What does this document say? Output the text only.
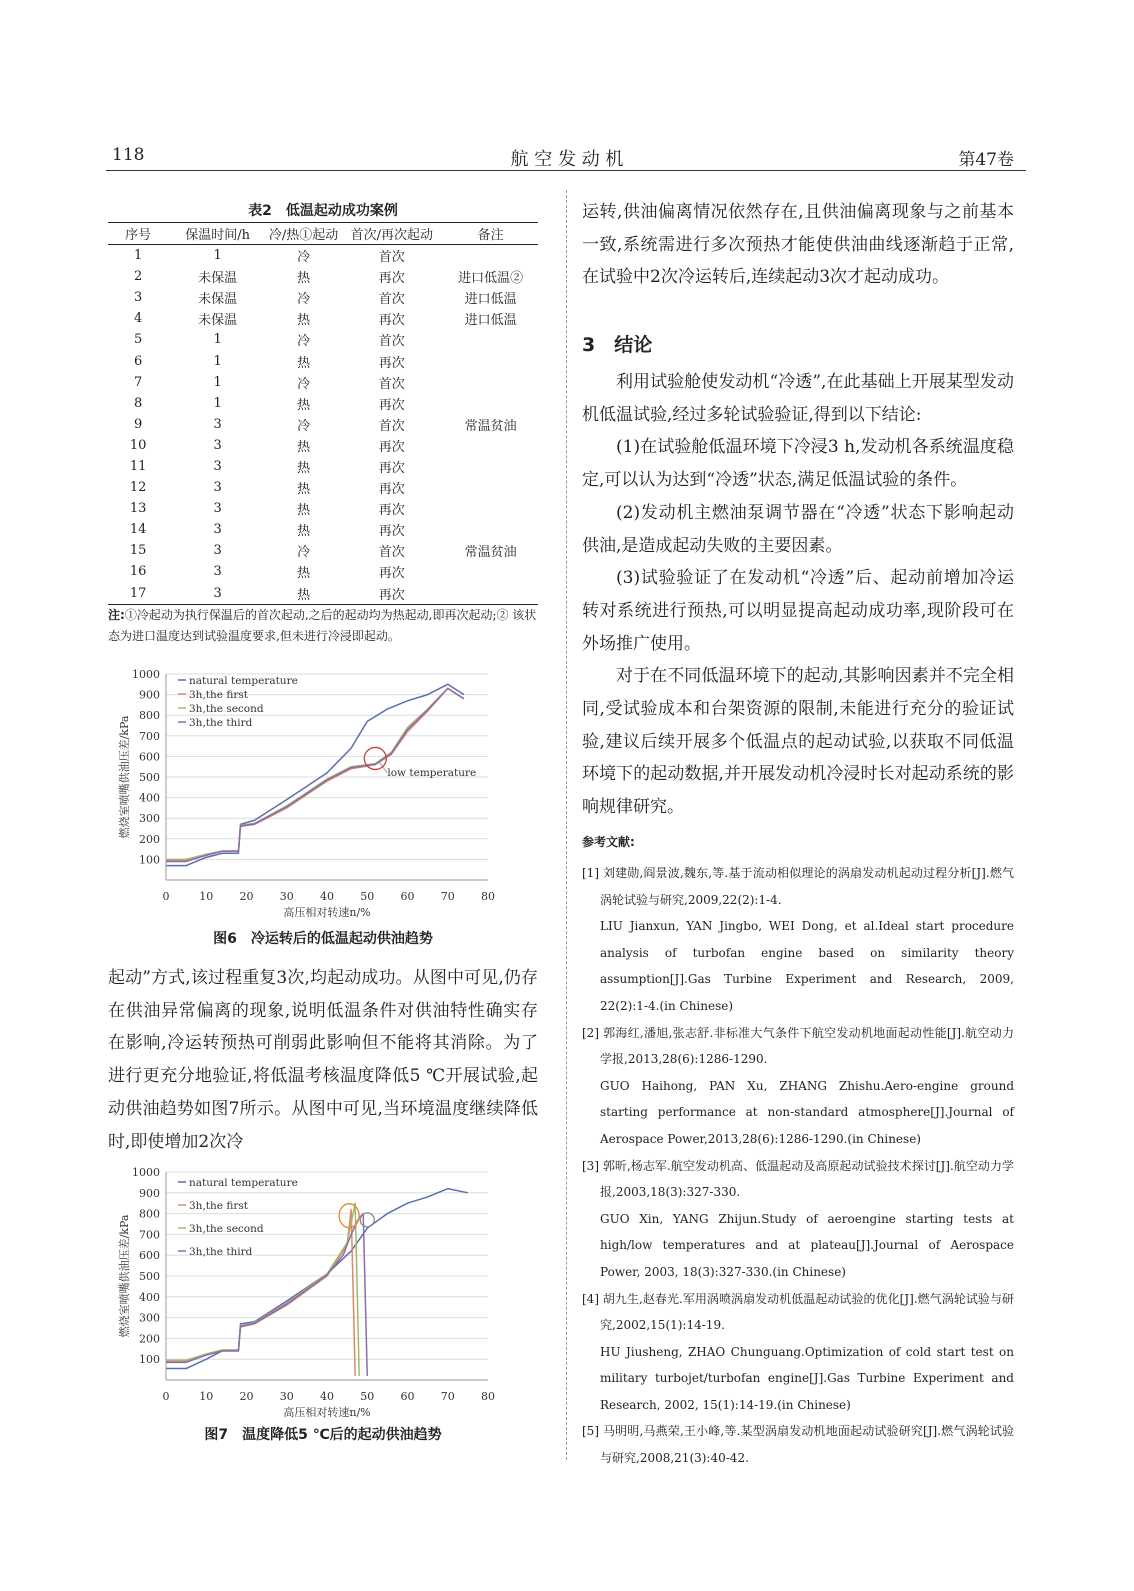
118	航 空 发 动 机	第47卷
表2　低温起动成功案例
序号	保温时间/h	冷/热①起动	首次/再次起动	备注
1	1	冷	首次	
2	未保温	热	再次	进口低温②
3	未保温	冷	首次	进口低温
4	未保温	热	再次	进口低温
5	1	冷	首次	
6	1	热	再次	
7	1	冷	首次	
8	1	热	再次	
9	3	冷	首次	常温贫油
10	3	热	再次	
11	3	热	再次	
12	3	热	再次	
13	3	热	再次	
14	3	热	再次	
15	3	冷	首次	常温贫油
16	3	热	再次	
17	3	热	再次	
注:①冷起动为执行保温后的首次起动,之后的起动均为热起动,即再次起动;② 该状态为进口温度达到试验温度要求,但未进行冷浸即起动。
100
200
300
400
500
600
700
800
900
1000
0	10 20 30 40 50 60 70 80
高压相对转速n/%
燃烧室喷嘴供油压差/kPa
natural temperature
3h,the first
3h,the second
3h,the third
low temperature
图6　冷运转后的低温起动供油趋势

起动”方式,该过程重复3次,均起动成功。从图中可见,仍存在供油异常偏离的现象,说明低温条件对供油特性确实存在影响,冷运转预热可削弱此影响但不能将其消除。为了进行更充分地验证,将低温考核温度降低5 ℃开展试验,起动供油趋势如图7所示。从图中可见,当环境温度继续降低时,即使增加2次冷

100
200
300
400
500
600
700
800
900
1000
0	10 20 30 40 50 60 70 80
高压相对转速n/%
燃烧室喷嘴供油压差/kPa
natural temperature
3h,the first
3h,the second
3h,the third
图7　温度降低5 ℃后的起动供油趋势

运转,供油偏离情况依然存在,且供油偏离现象与之前基本一致,系统需进行多次预热才能使供油曲线逐渐趋于正常,在试验中2次冷运转后,连续起动3次才起动成功。

3　结论

利用试验舱使发动机“冷透”,在此基础上开展某型发动机低温试验,经过多轮试验验证,得到以下结论:

(1)在试验舱低温环境下冷浸3 h,发动机各系统温度稳定,可以认为达到“冷透”状态,满足低温试验的条件。

(2)发动机主燃油泵调节器在“冷透”状态下影响起动供油,是造成起动失败的主要因素。

(3)试验验证了在发动机“冷透”后、起动前增加冷运转对系统进行预热,可以明显提高起动成功率,现阶段可在外场推广使用。

对于在不同低温环境下的起动,其影响因素并不完全相同,受试验成本和台架资源的限制,未能进行充分的验证试验,建议后续开展多个低温点的起动试验,以获取不同低温环境下的起动数据,并开展发动机冷浸时长对起动系统的影响规律研究。

参考文献:
[1] 刘建勋,阎景波,魏东,等.基于流动相似理论的涡扇发动机起动过程分析[J].燃气涡轮试验与研究,2009,22(2):1-4.
LIU Jianxun, YAN Jingbo, WEI Dong, et al.Ideal start procedure analysis of turbofan engine based on similarity theory assumption[J].Gas Turbine Experiment and Research, 2009, 22(2):1-4.(in Chinese)
[2] 郭海红,潘旭,张志舒.非标准大气条件下航空发动机地面起动性能[J].航空动力学报,2013,28(6):1286-1290.
GUO Haihong, PAN Xu, ZHANG Zhishu.Aero-engine ground starting performance at non-standard atmosphere[J].Journal of Aerospace Power,2013,28(6):1286-1290.(in Chinese)
[3] 郭昕,杨志军.航空发动机高、低温起动及高原起动试验技术探讨[J].航空动力学报,2003,18(3):327-330.
GUO Xin, YANG Zhijun.Study of aeroengine starting tests at high/low temperatures and at plateau[J].Journal of Aerospace Power, 2003, 18(3):327-330.(in Chinese)
[4] 胡九生,赵春光.军用涡喷涡扇发动机低温起动试验的优化[J].燃气涡轮试验与研究,2002,15(1):14-19.
HU Jiusheng, ZHAO Chunguang.Optimization of cold start test on military turbojet/turbofan engine[J].Gas Turbine Experiment and Research, 2002, 15(1):14-19.(in Chinese)
[5] 马明明,马燕荣,王小峰,等.某型涡扇发动机地面起动试验研究[J].燃气涡轮试验与研究,2008,21(3):40-42.
